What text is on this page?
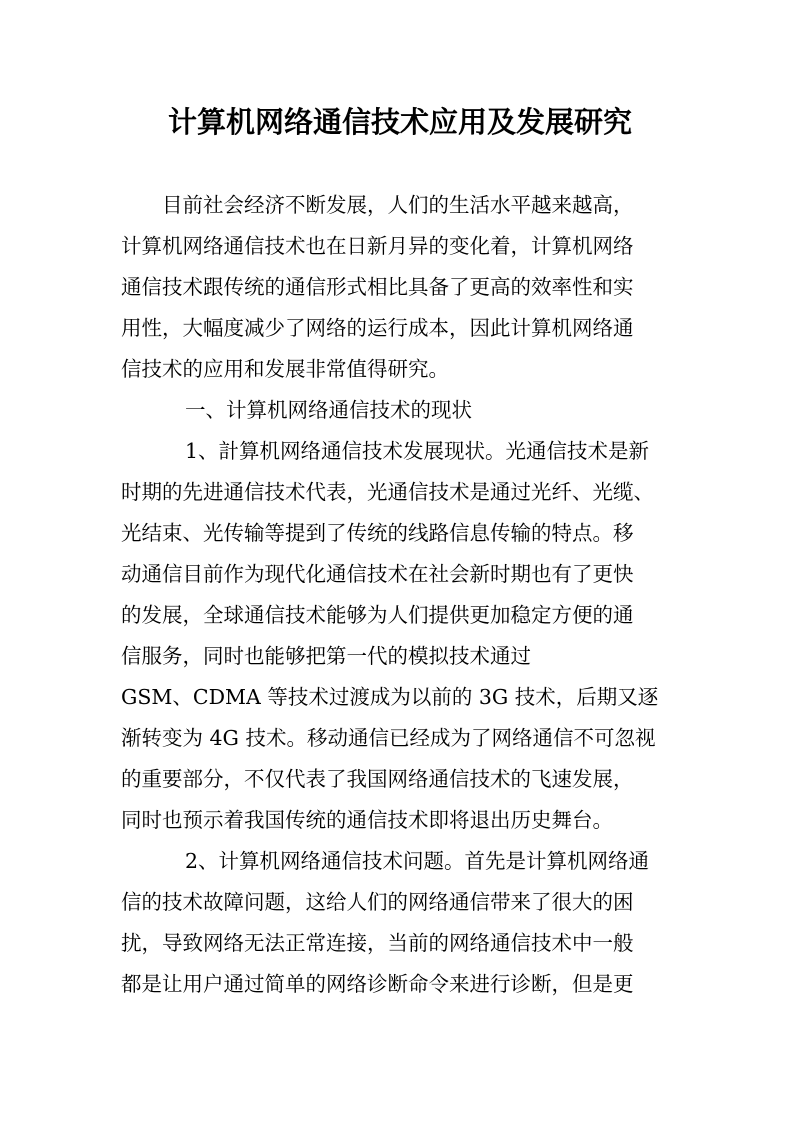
计算机网络通信技术应用及发展研究
目前社会经济不断发展，人们的生活水平越来越高，
计算机网络通信技术也在日新月异的变化着，计算机网络
通信技术跟传统的通信形式相比具备了更高的效率性和实
用性，大幅度减少了网络的运行成本，因此计算机网络通
信技术的应用和发展非常值得研究。
一、计算机网络通信技术的现状
1、計算机网络通信技术发展现状。光通信技术是新
时期的先进通信技术代表，光通信技术是通过光纤、光缆、
光结束、光传输等提到了传统的线路信息传输的特点。移
动通信目前作为现代化通信技术在社会新时期也有了更快
的发展，全球通信技术能够为人们提供更加稳定方便的通
信服务，同时也能够把第一代的模拟技术通过
GSM、CDMA 等技术过渡成为以前的 3G 技术，后期又逐
渐转变为 4G 技术。移动通信已经成为了网络通信不可忽视
的重要部分，不仅代表了我国网络通信技术的飞速发展，
同时也预示着我国传统的通信技术即将退出历史舞台。
2、计算机网络通信技术问题。首先是计算机网络通
信的技术故障问题，这给人们的网络通信带来了很大的困
扰，导致网络无法正常连接，当前的网络通信技术中一般
都是让用户通过简单的网络诊断命令来进行诊断，但是更
